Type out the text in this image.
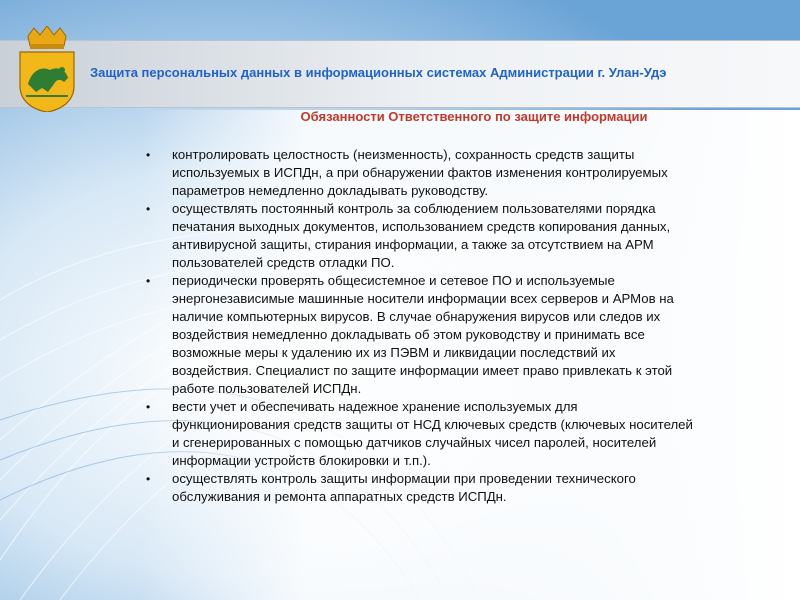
Защита персональных данных в информационных системах Администрации г. Улан-Удэ
Обязанности Ответственного по защите информации
•	контролировать целостность (неизменность), сохранность средств защиты
используемых в ИСПДн, а при обнаружении фактов изменения контролируемых
параметров немедленно докладывать руководству.
•	осуществлять постоянный контроль за соблюдением пользователями порядка
печатания выходных документов, использованием средств копирования данных,
антивирусной защиты, стирания информации, а также за отсутствием на АРМ
пользователей средств отладки ПО.
•	периодически проверять общесистемное и сетевое ПО и используемые
энергонезависимые машинные носители информации всех серверов и АРМов на
наличие компьютерных вирусов. В случае обнаружения вирусов или следов их
воздействия немедленно докладывать об этом руководству и принимать все
возможные меры к удалению их из ПЭВМ и ликвидации последствий их
воздействия. Специалист по защите информации имеет право привлекать к этой
работе пользователей ИСПДн.
•	вести учет и обеспечивать надежное хранение используемых для
функционирования средств защиты от НСД ключевых средств (ключевых носителей
и сгенерированных с помощью датчиков случайных чисел паролей, носителей
информации устройств блокировки и т.п.).
•	осуществлять контроль защиты информации при проведении технического
обслуживания и ремонта аппаратных средств ИСПДн.
